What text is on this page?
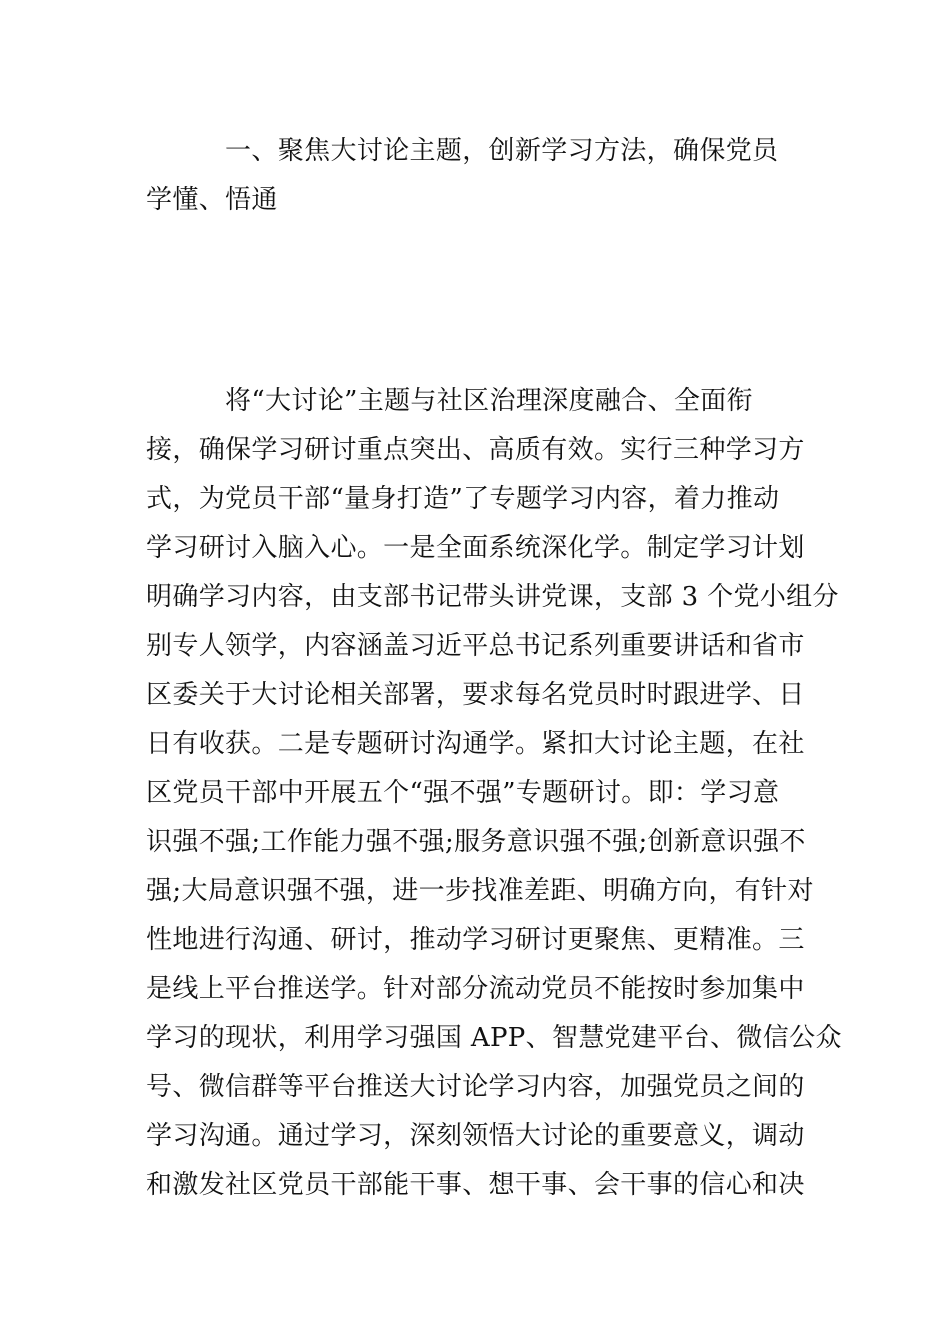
　　　一、聚焦大讨论主题，创新学习方法，确保党员
学懂、悟通
　　　将“大讨论”主题与社区治理深度融合、全面衔
接，确保学习研讨重点突出、高质有效。实行三种学习方
式，为党员干部“量身打造”了专题学习内容，着力推动
学习研讨入脑入心。一是全面系统深化学。制定学习计划
明确学习内容，由支部书记带头讲党课，支部 3 个党小组分
别专人领学，内容涵盖习近平总书记系列重要讲话和省市
区委关于大讨论相关部署，要求每名党员时时跟进学、日
日有收获。二是专题研讨沟通学。紧扣大讨论主题，在社
区党员干部中开展五个“强不强”专题研讨。即：学习意
识强不强;工作能力强不强;服务意识强不强;创新意识强不
强;大局意识强不强，进一步找准差距、明确方向，有针对
性地进行沟通、研讨，推动学习研讨更聚焦、更精准。三
是线上平台推送学。针对部分流动党员不能按时参加集中
学习的现状，利用学习强国 APP、智慧党建平台、微信公众
号、微信群等平台推送大讨论学习内容，加强党员之间的
学习沟通。通过学习，深刻领悟大讨论的重要意义，调动
和激发社区党员干部能干事、想干事、会干事的信心和决
